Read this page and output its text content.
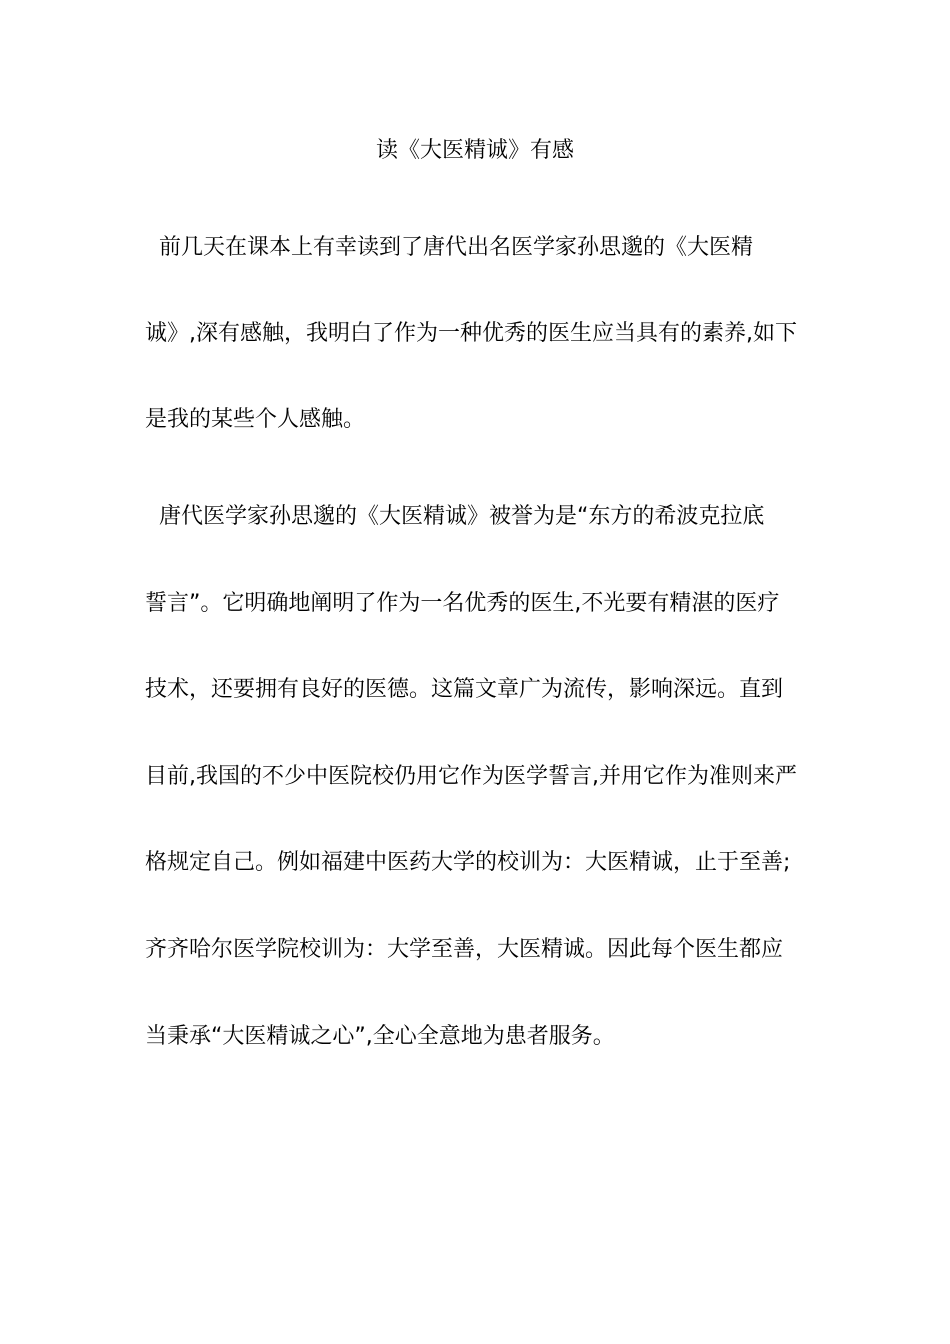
读《大医精诚》有感
前几天在课本上有幸读到了唐代出名医学家孙思邈的《大医精
诚》,深有感触，我明白了作为一种优秀的医生应当具有的素养,如下
是我的某些个人感触。
唐代医学家孙思邈的《大医精诚》被誉为是“东方的希波克拉底
誓言”。它明确地阐明了作为一名优秀的医生,不光要有精湛的医疗
技术，还要拥有良好的医德。这篇文章广为流传，影响深远。直到
目前,我国的不少中医院校仍用它作为医学誓言,并用它作为准则来严
格规定自己。例如福建中医药大学的校训为：大医精诚，止于至善;
齐齐哈尔医学院校训为：大学至善，大医精诚。因此每个医生都应
当秉承“大医精诚之心”,全心全意地为患者服务。
